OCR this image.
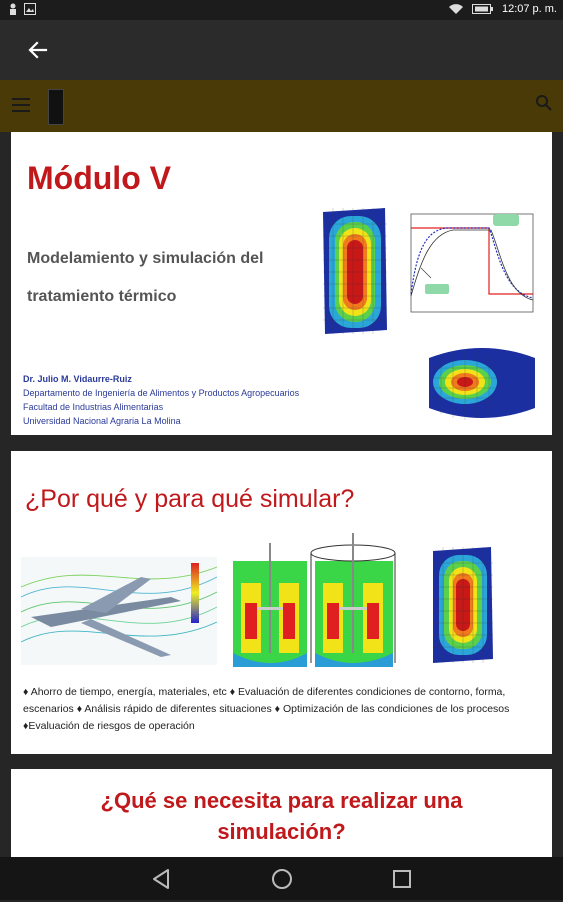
12:07 p. m.
Módulo V
Modelamiento y simulación del
tratamiento térmico
Dr. Julio M. Vidaurre-Ruiz
Departamento de Ingeniería de Alimentos y Productos Agropecuarios
Facultad de Industrias Alimentarias
Universidad Nacional Agraria La Molina
¿Por qué y para qué simular?
♦ Ahorro de tiempo, energía, materiales, etc ♦ Evaluación de diferentes condiciones de contorno, forma, escenarios ♦ Análisis rápido de diferentes situaciones ♦ Optimización de las condiciones de los procesos ♦Evaluación de riesgos de operación
¿Qué se necesita para realizar una
simulación?
